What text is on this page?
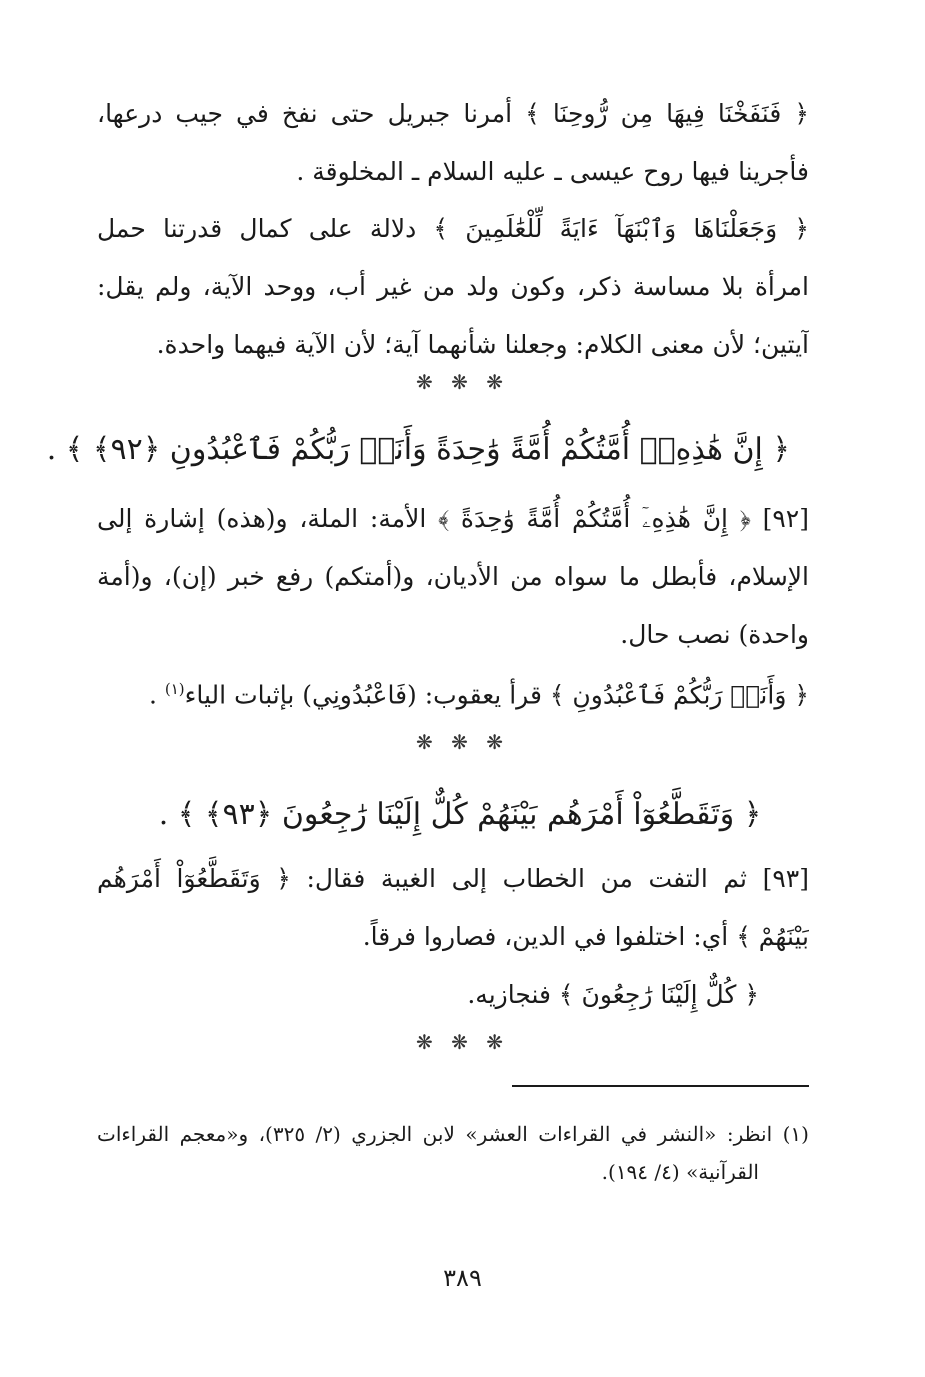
﴿ فَنَفَخْنَا فِيهَا مِن رُّوحِنَا ﴾ أمرنا جبريل حتى نفخ في جيب درعها،
فأجرينا فيها روح عيسى ـ عليه السلام ـ المخلوقة .
﴿ وَجَعَلْنَاهَا وَٱبْنَهَآ ءَايَةً لِّلْعَٰلَمِينَ ﴾ دلالة على كمال قدرتنا حمل
امرأة بلا مساسة ذكر، وكون ولد من غير أب، ووحد الآية، ولم يقل:
آيتين؛ لأن معنى الكلام: وجعلنا شأنهما آية؛ لأن الآية فيهما واحدة.
❋ ❋ ❋
﴿ إِنَّ هَٰذِهِۦٓ أُمَّتُكُمْ أُمَّةً وَٰحِدَةً وَأَنَا۠ رَبُّكُمْ فَٱعْبُدُونِ ﴿٩٢﴾ ﴾ .
[٩٢] ﴿ إِنَّ هَٰذِهِۦٓ أُمَّتُكُمْ أُمَّةً وَٰحِدَةً ﴾ الأمة: الملة، و(هذه) إشارة إلى
الإسلام، فأبطل ما سواه من الأديان، و(أمتكم) رفع خبر (إن)، و(أمة
واحدة) نصب حال.
﴿ وَأَنَا۠ رَبُّكُمْ فَٱعْبُدُونِ ﴾ قرأ يعقوب: (فَاعْبُدُونِي) بإثبات الياء$^{(١)}$ .
❋ ❋ ❋
﴿ وَتَقَطَّعُوٓاْ أَمْرَهُم بَيْنَهُمْ كُلٌّ إِلَيْنَا رَٰجِعُونَ ﴿٩٣﴾ ﴾ .
[٩٣] ثم التفت من الخطاب إلى الغيبة فقال: ﴿ وَتَقَطَّعُوٓاْ أَمْرَهُم
بَيْنَهُمْ ﴾ أي: اختلفوا في الدين، فصاروا فرقاً.
﴿ كُلٌّ إِلَيْنَا رَٰجِعُونَ ﴾ فنجازيه.
❋ ❋ ❋
(١) انظر: «النشر في القراءات العشر» لابن الجزري (٢/ ٣٢٥)، و«معجم القراءات
القرآنية» (٤/ ١٩٤).
٣٨٩
